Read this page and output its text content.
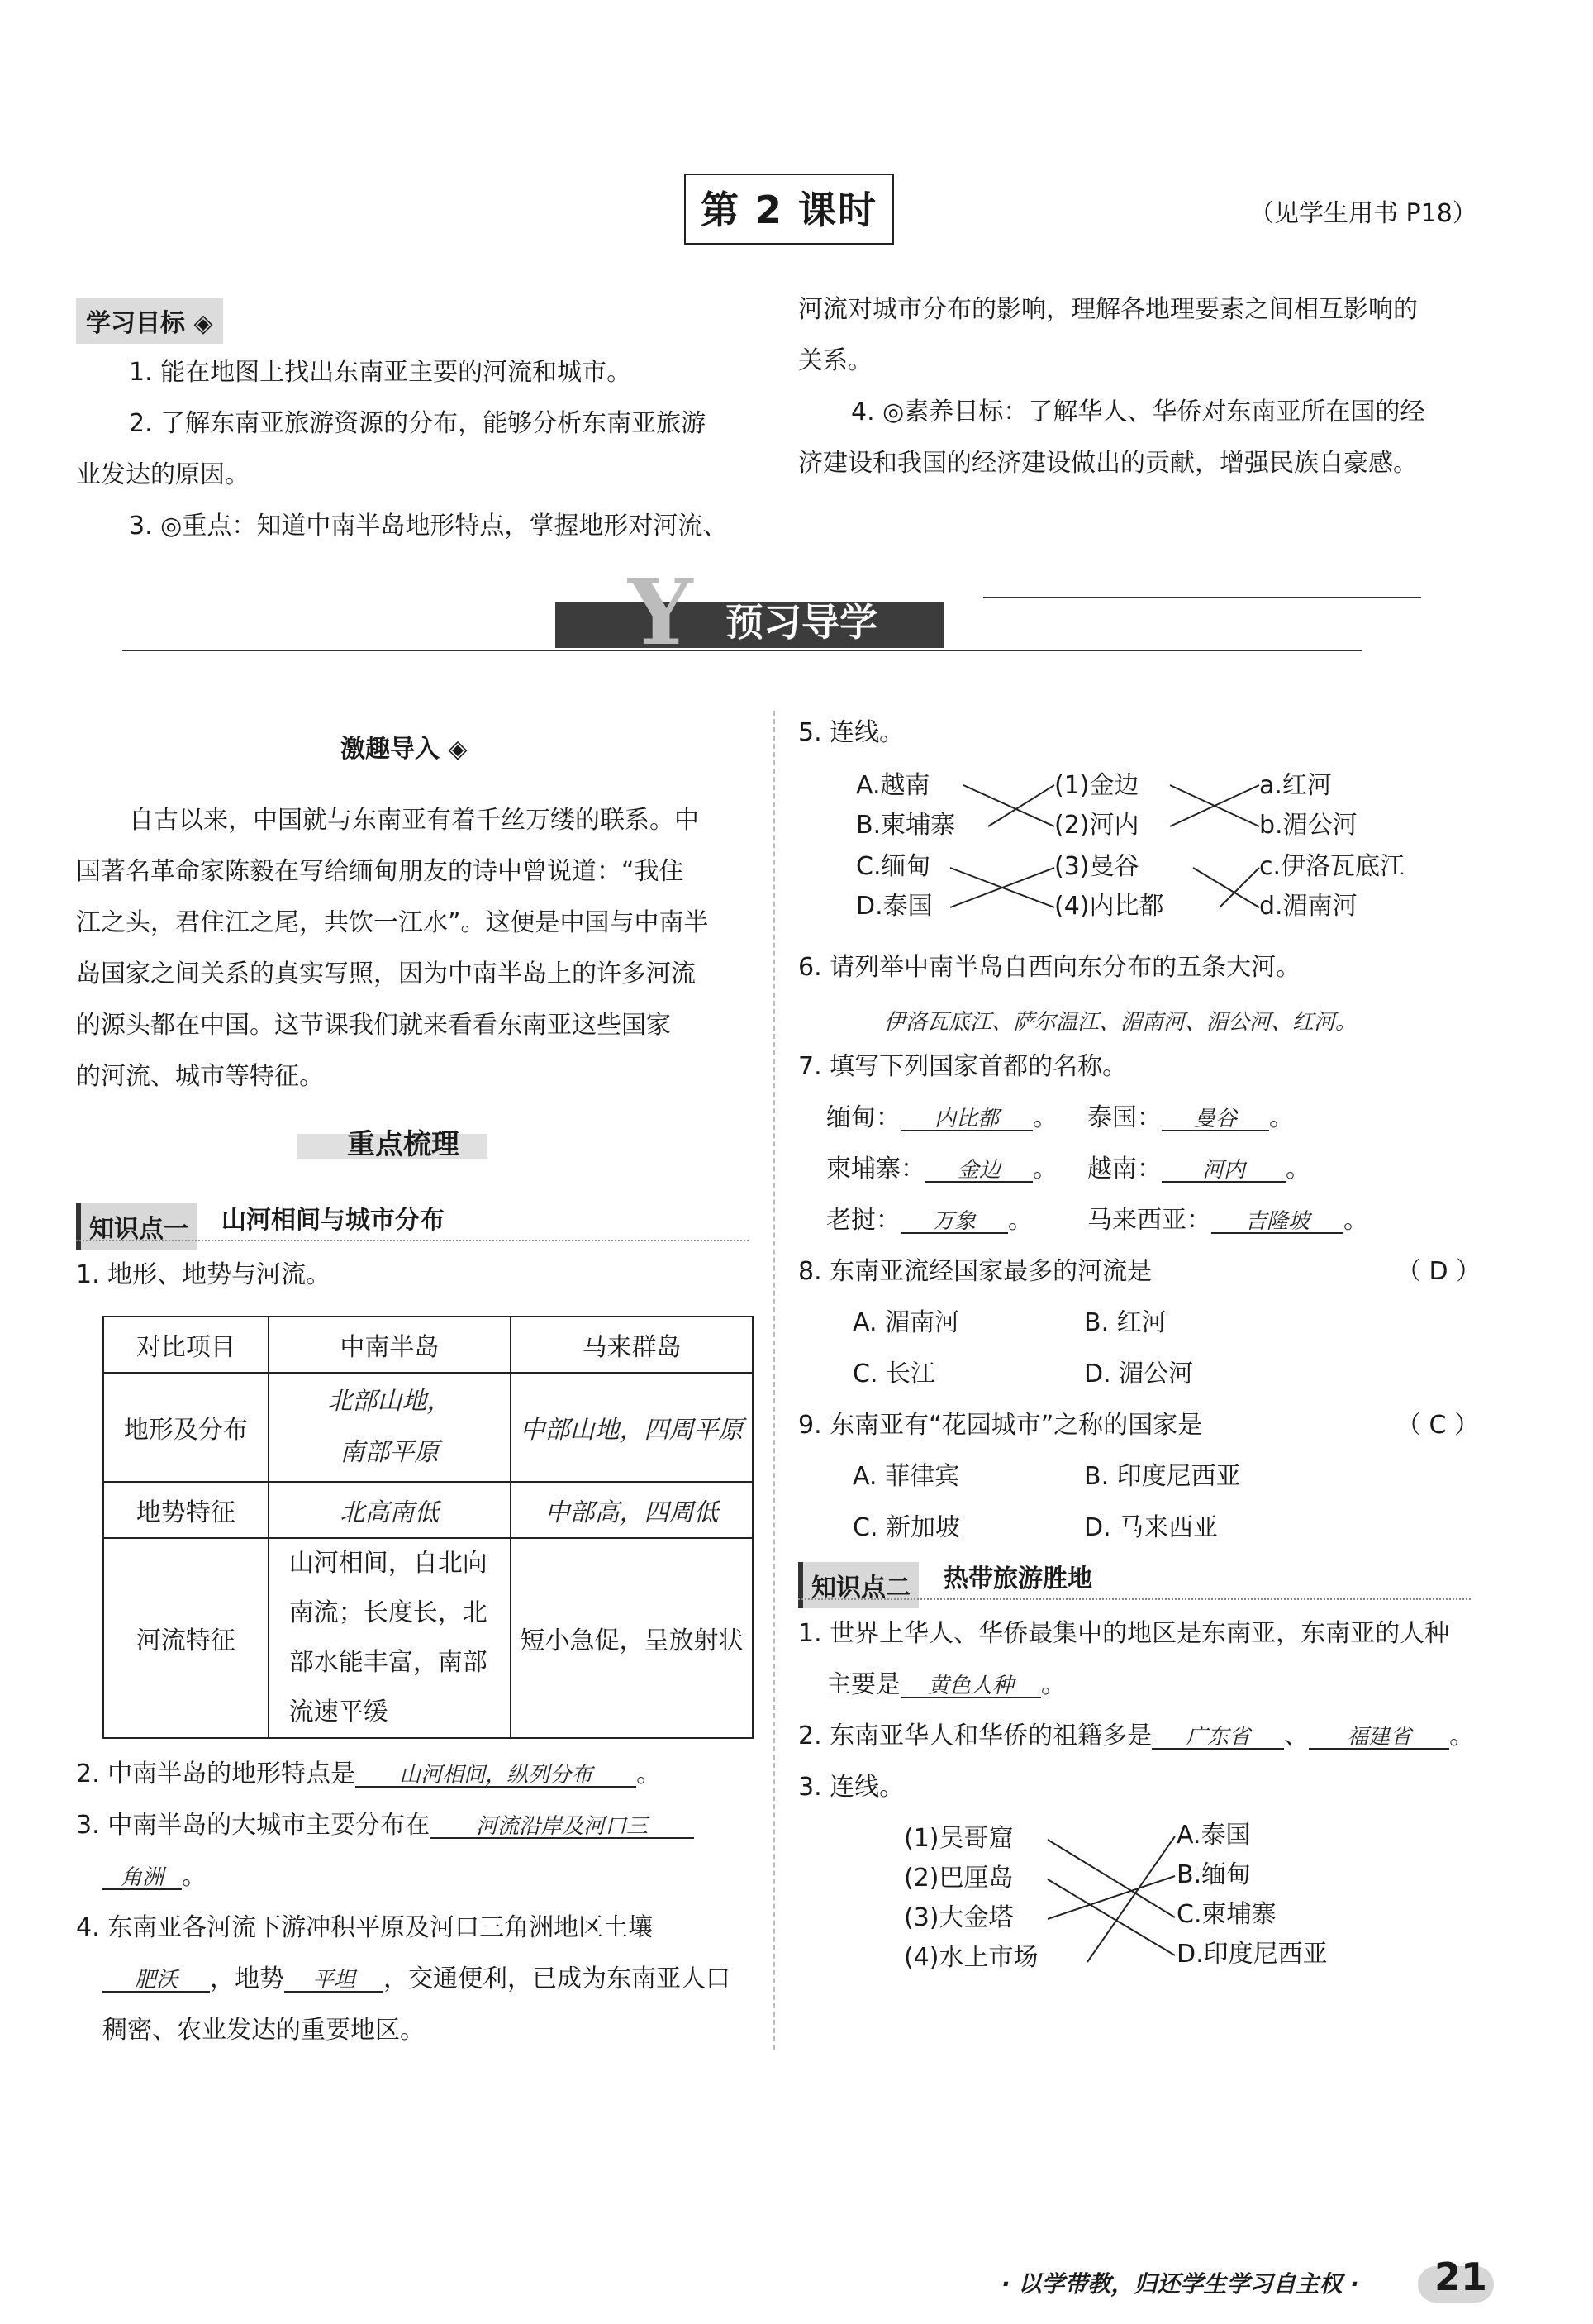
第 2 课时	（见学生用书 P18）
学习目标 ◈
1. 能在地图上找出东南亚主要的河流和城市。
2. 了解东南亚旅游资源的分布，能够分析东南亚旅游
业发达的原因。
3. ◎重点：知道中南半岛地形特点，掌握地形对河流、
河流对城市分布的影响，理解各地理要素之间相互影响的
关系。
4. ◎素养目标：了解华人、华侨对东南亚所在国的经
济建设和我国的经济建设做出的贡献，增强民族自豪感。
Y 预习导学
激趣导入 ◈
自古以来，中国就与东南亚有着千丝万缕的联系。中
国著名革命家陈毅在写给缅甸朋友的诗中曾说道：“我住
江之头，君住江之尾，共饮一江水”。这便是中国与中南半
岛国家之间关系的真实写照，因为中南半岛上的许多河流
的源头都在中国。这节课我们就来看看东南亚这些国家
的河流、城市等特征。
重点梳理
知识点一	山河相间与城市分布
1. 地形、地势与河流。
对比项目	中南半岛	马来群岛
地形及分布	北部山地，
南部平原	中部山地，四周平原
地势特征	北高南低	中部高，四周低
河流特征	山河相间，自北向
南流；长度长，北
部水能丰富，南部
流速平缓	短小急促，呈放射状
2. 中南半岛的地形特点是 山河相间，纵列分布 。
3. 中南半岛的大城市主要分布在 河流沿岸及河口三
角洲 。
4. 东南亚各河流下游冲积平原及河口三角洲地区土壤
肥沃 ，地势 平坦 ，交通便利，已成为东南亚人口
稠密、农业发达的重要地区。
5. 连线。
A.越南
B.柬埔寨
C.缅甸
D.泰国
(1)金边
(2)河内
(3)曼谷
(4)内比都
a.红河
b.湄公河
c.伊洛瓦底江
d.湄南河
6. 请列举中南半岛自西向东分布的五条大河。
伊洛瓦底江、萨尔温江、湄南河、湄公河、红河。
7. 填写下列国家首都的名称。
缅甸： 内比都 。 泰国： 曼谷 。
柬埔寨： 金边 。 越南： 河内 。
老挝： 万象 。 马来西亚： 吉隆坡 。
8. 东南亚流经国家最多的河流是	（ D ）
A. 湄南河	B. 红河
C. 长江	D. 湄公河
9. 东南亚有“花园城市”之称的国家是	（ C ）
A. 菲律宾	B. 印度尼西亚
C. 新加坡	D. 马来西亚
知识点二	热带旅游胜地
1. 世界上华人、华侨最集中的地区是东南亚，东南亚的人种
主要是 黄色人种 。
2. 东南亚华人和华侨的祖籍多是 广东省 、 福建省 。
3. 连线。
(1)吴哥窟
(2)巴厘岛
(3)大金塔
(4)水上市场
A.泰国
B.缅甸
C.柬埔寨
D.印度尼西亚
· 以学带教，归还学生学习自主权 · 21
